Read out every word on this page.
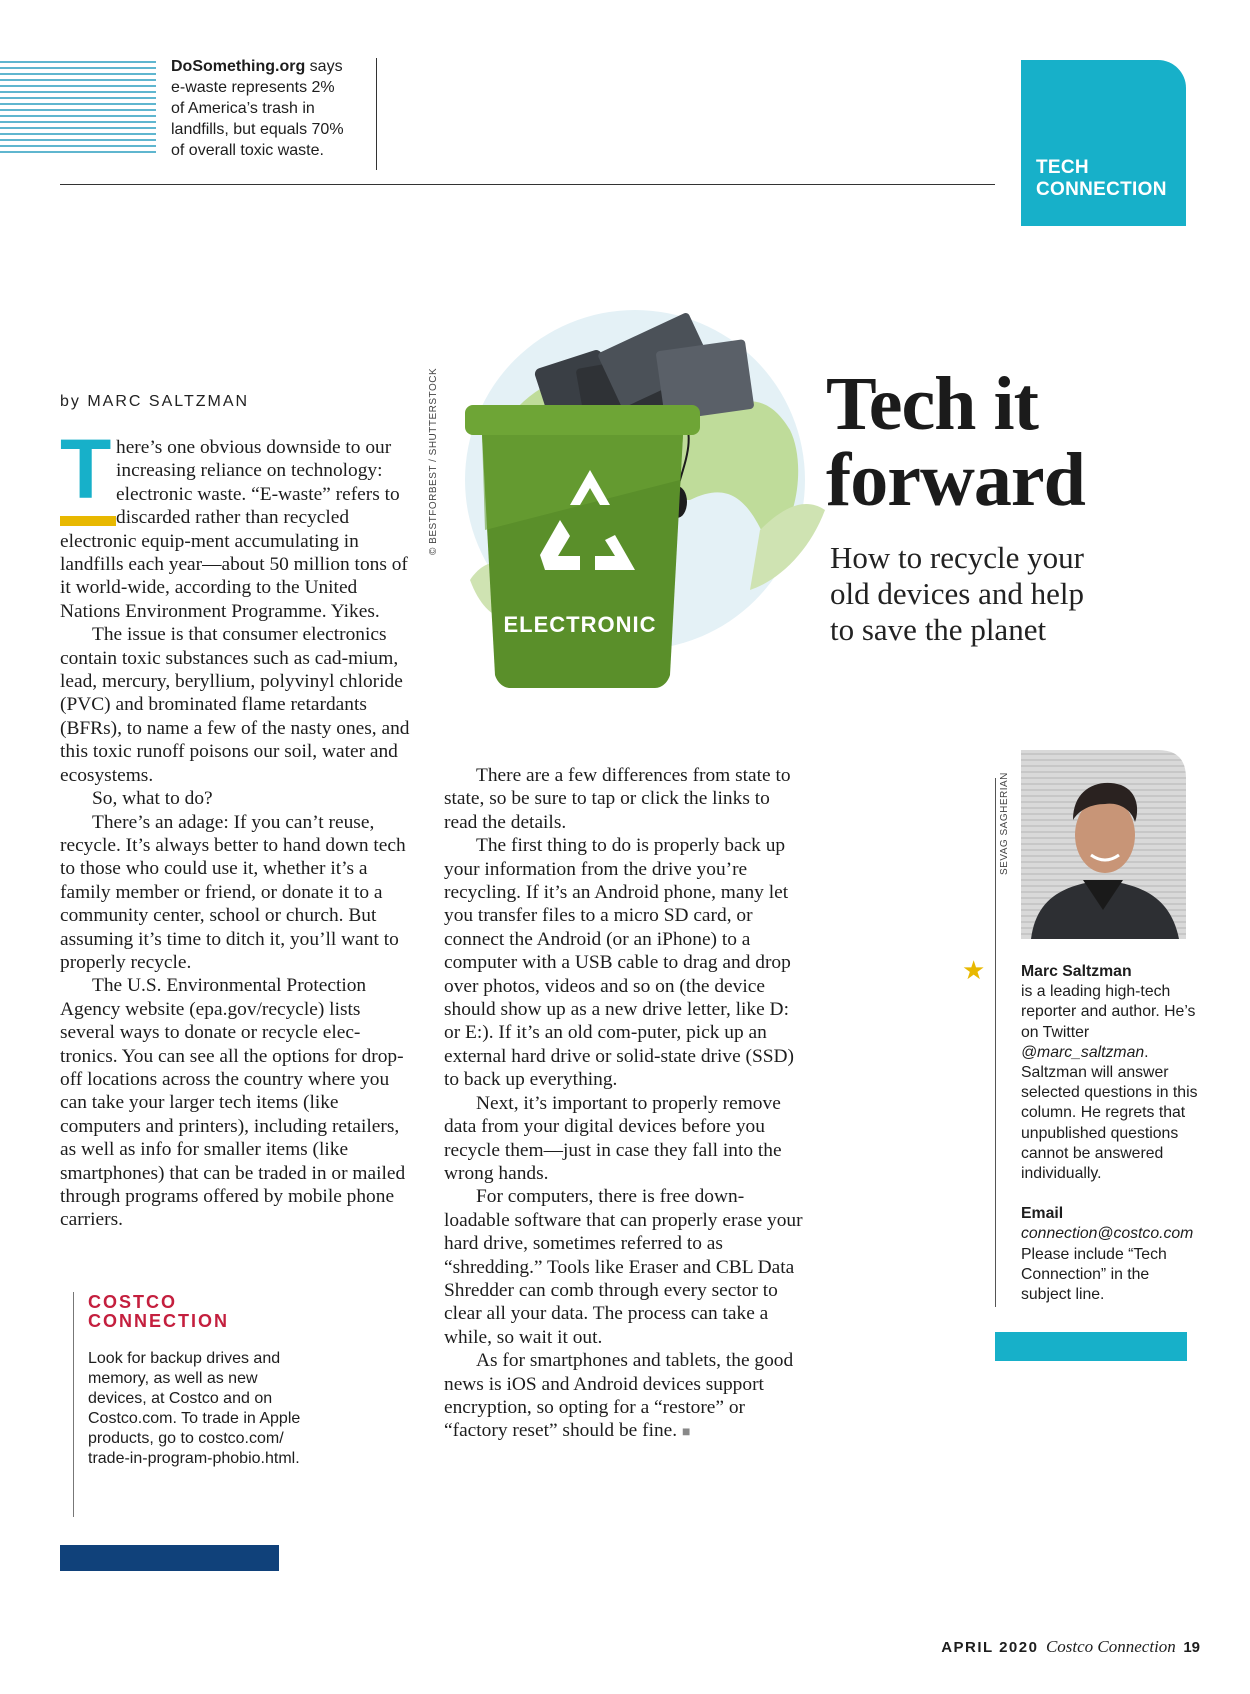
DoSomething.org says
e-waste represents 2%
of America’s trash in
landfills, but equals 70%
of overall toxic waste.
TECH
CONNECTION
by MARC SALTZMAN

There’s one obvious downside to our increasing reliance on technology: electronic waste. “E-waste” refers to discarded rather than recycled electronic equip-ment accumulating in landfills each year—about 50 million tons of it world-wide, according to the United Nations Environment Programme. Yikes.

The issue is that consumer electronics contain toxic substances such as cad-mium, lead, mercury, beryllium, polyvinyl chloride (PVC) and brominated flame retardants (BFRs), to name a few of the nasty ones, and this toxic runoff poisons our soil, water and ecosystems.

So, what to do?

There’s an adage: If you can’t reuse, recycle. It’s always better to hand down tech to those who could use it, whether it’s a family member or friend, or donate it to a community center, school or church. But assuming it’s time to ditch it, you’ll want to properly recycle.

The U.S. Environmental Protection Agency website (epa.gov/recycle) lists several ways to donate or recycle elec-tronics. You can see all the options for drop-off locations across the country where you can take your larger tech items (like computers and printers), including retailers, as well as info for smaller items (like smartphones) that can be traded in or mailed through programs offered by mobile phone carriers.

There are a few differences from state to state, so be sure to tap or click the links to read the details.

The first thing to do is properly back up your information from the drive you’re recycling. If it’s an Android phone, many let you transfer files to a micro SD card, or connect the Android (or an iPhone) to a computer with a USB cable to drag and drop over photos, videos and so on (the device should show up as a new drive letter, like D: or E:). If it’s an old com-puter, pick up an external hard drive or solid-state drive (SSD) to back up everything.

Next, it’s important to properly remove data from your digital devices before you recycle them—just in case they fall into the wrong hands.

For computers, there is free down-loadable software that can properly erase your hard drive, sometimes referred to as “shredding.” Tools like Eraser and CBL Data Shredder can comb through every sector to clear all your data. The process can take a while, so wait it out.

As for smartphones and tablets, the good news is iOS and Android devices support encryption, so opting for a “restore” or “factory reset” should be fine. ■

ELECTRONIC
© BESTFORBEST / SHUTTERSTOCK	Tech it
forward
How to recycle your
old devices and help
to save the planet
COSTCO
CONNECTION
Look for backup drives and memory, as well as new devices, at Costco and on Costco.com. To trade in Apple products, go to costco.com/ trade-in-program-phobio.html.
SEVAG SAGHERIAN
★ Marc Saltzman
is a leading high-tech reporter and author. He’s on Twitter @marc_saltzman. Saltzman will answer selected questions in this column. He regrets that unpublished questions cannot be answered individually.
Email
connection@costco.com
Please include “Tech Connection” in the subject line.
APRIL 2020 Costco Connection 19
